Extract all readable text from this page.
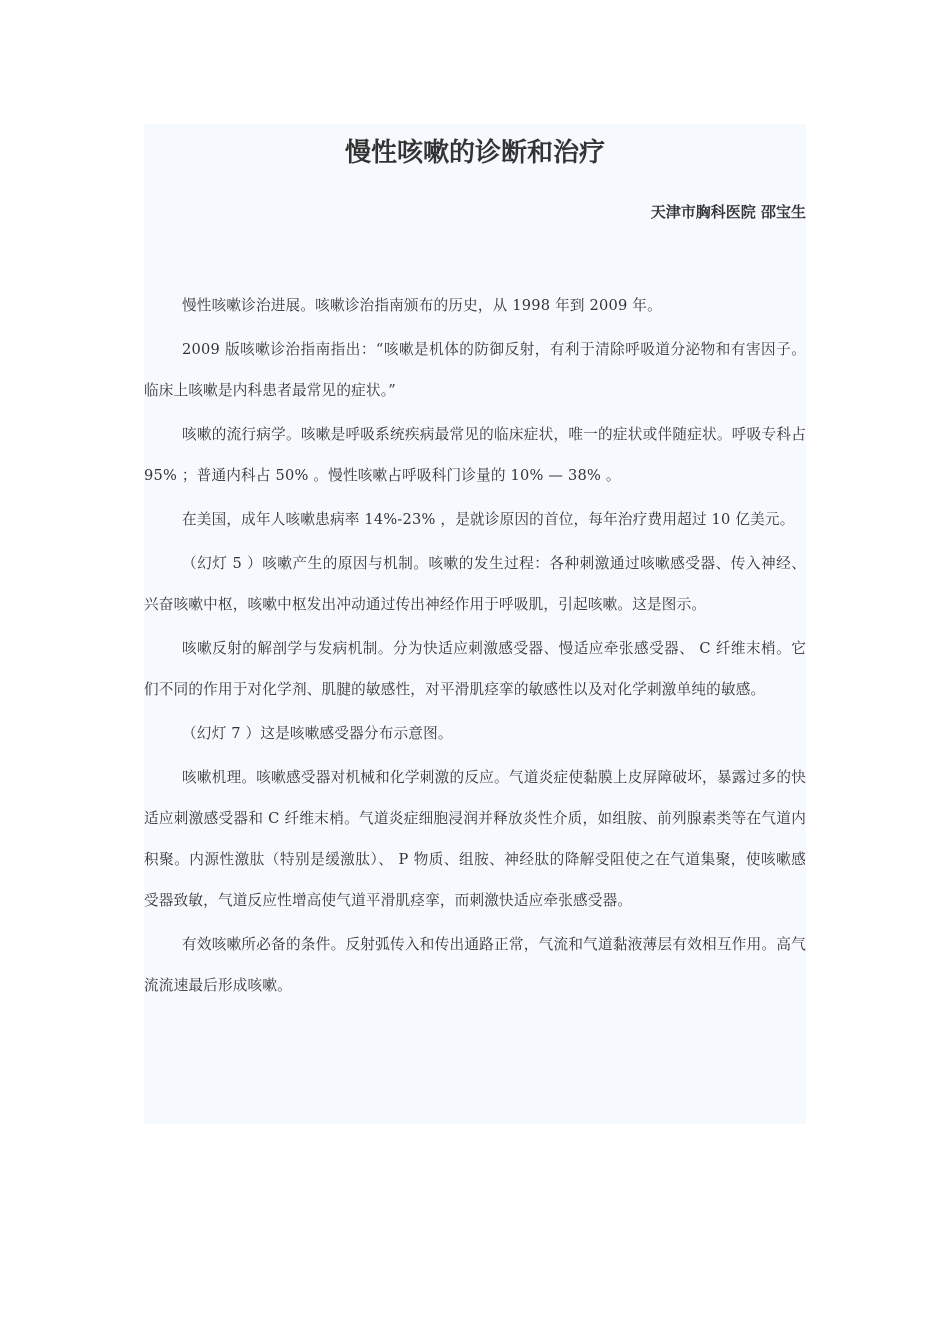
慢性咳嗽的诊断和治疗
天津市胸科医院 邵宝生

慢性咳嗽诊治进展。咳嗽诊治指南颁布的历史，从 1998 年到 2009 年。

2009 版咳嗽诊治指南指出：“咳嗽是机体的防御反射，有利于清除呼吸道分泌物和有害因子。临床上咳嗽是内科患者最常见的症状。”

咳嗽的流行病学。咳嗽是呼吸系统疾病最常见的临床症状，唯一的症状或伴随症状。呼吸专科占 95% ；普通内科占 50% 。慢性咳嗽占呼吸科门诊量的 10% — 38% 。

在美国，成年人咳嗽患病率 14%-23% ，是就诊原因的首位，每年治疗费用超过 10 亿美元。

（幻灯 5 ）咳嗽产生的原因与机制。咳嗽的发生过程：各种刺激通过咳嗽感受器、传入神经、兴奋咳嗽中枢，咳嗽中枢发出冲动通过传出神经作用于呼吸肌，引起咳嗽。这是图示。

咳嗽反射的解剖学与发病机制。分为快适应刺激感受器、慢适应牵张感受器、 C 纤维末梢。它们不同的作用于对化学剂、肌腱的敏感性，对平滑肌痉挛的敏感性以及对化学刺激单纯的敏感。

（幻灯 7 ）这是咳嗽感受器分布示意图。

咳嗽机理。咳嗽感受器对机械和化学刺激的反应。气道炎症使黏膜上皮屏障破坏，暴露过多的快适应刺激感受器和 C 纤维末梢。气道炎症细胞浸润并释放炎性介质，如组胺、前列腺素类等在气道内积聚。内源性激肽（特别是缓激肽）、 P 物质、组胺、神经肽的降解受阻使之在气道集聚，使咳嗽感受器致敏，气道反应性增高使气道平滑肌痉挛，而刺激快适应牵张感受器。

有效咳嗽所必备的条件。反射弧传入和传出通路正常，气流和气道黏液薄层有效相互作用。高气流流速最后形成咳嗽。
